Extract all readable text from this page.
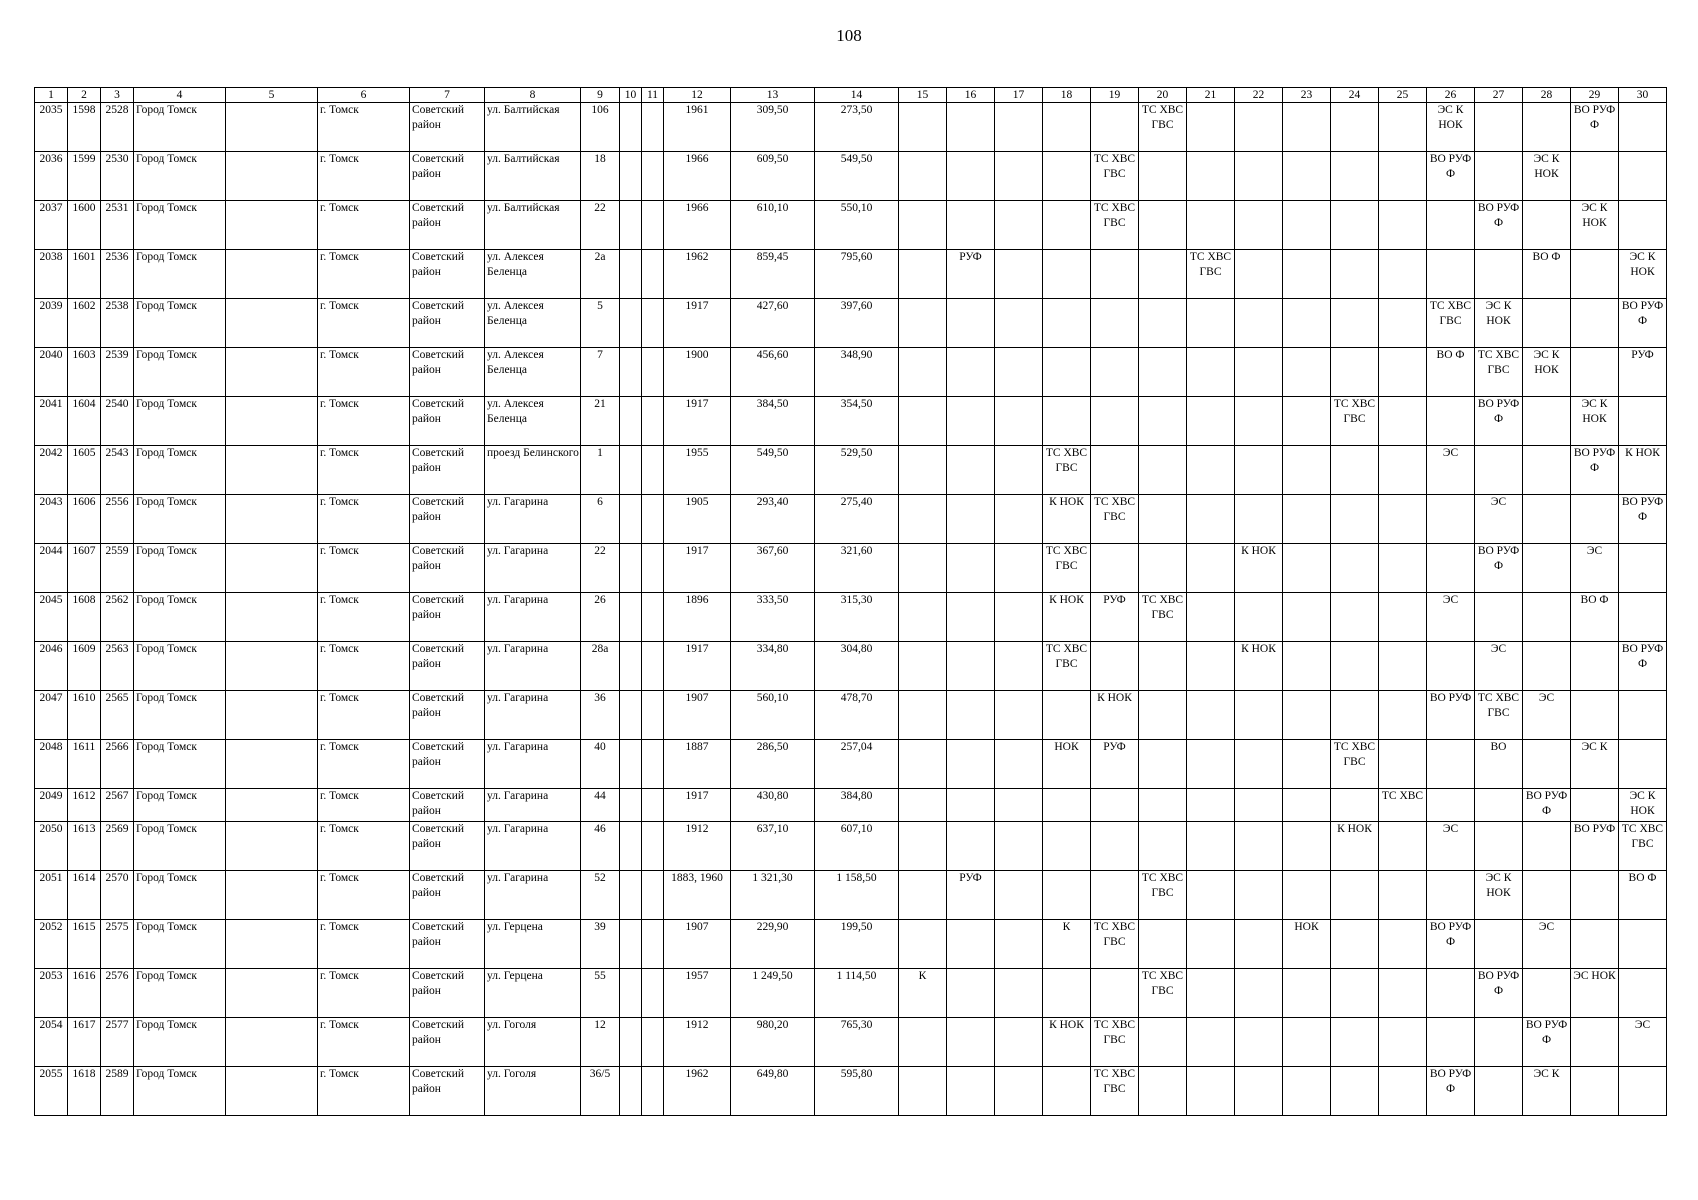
108
1	2	3	4	5	6	7	8	9	10	11	12	13	14	15	16	17	18	19	20	21	22	23	24	25	26	27	28	29	30

2035	1598	2528	Город Томск		г. Томск	Советский район	ул. Балтийская	106			1961	309,50	273,50						ТС ХВС ГВС						ЭС К НОК			ВО РУФ Ф	

2036	1599	2530	Город Томск		г. Томск	Советский район	ул. Балтийская	18			1966	609,50	549,50					ТС ХВС ГВС							ВО РУФ Ф		ЭС К НОК		

2037	1600	2531	Город Томск		г. Томск	Советский район	ул. Балтийская	22			1966	610,10	550,10					ТС ХВС ГВС								ВО РУФ Ф		ЭС К НОК	

2038	1601	2536	Город Томск		г. Томск	Советский район	ул. Алексея Беленца	2а			1962	859,45	795,60		РУФ					ТС ХВС ГВС							ВО Ф		ЭС К НОК

2039	1602	2538	Город Томск		г. Томск	Советский район	ул. Алексея Беленца	5			1917	427,60	397,60												ТС ХВС ГВС	ЭС К НОК			ВО РУФ Ф

2040	1603	2539	Город Томск		г. Томск	Советский район	ул. Алексея Беленца	7			1900	456,60	348,90												ВО Ф	ТС ХВС ГВС	ЭС К НОК		РУФ

2041	1604	2540	Город Томск		г. Томск	Советский район	ул. Алексея Беленца	21			1917	384,50	354,50										ТС ХВС ГВС			ВО РУФ Ф		ЭС К НОК	

2042	1605	2543	Город Томск		г. Томск	Советский район	проезд Белинского	1			1955	549,50	529,50				ТС ХВС ГВС								ЭС			ВО РУФ Ф	К НОК

2043	1606	2556	Город Томск		г. Томск	Советский район	ул. Гагарина	6			1905	293,40	275,40				К НОК	ТС ХВС ГВС								ЭС			ВО РУФ Ф

2044	1607	2559	Город Томск		г. Томск	Советский район	ул. Гагарина	22			1917	367,60	321,60				ТС ХВС ГВС				К НОК					ВО РУФ Ф		ЭС	

2045	1608	2562	Город Томск		г. Томск	Советский район	ул. Гагарина	26			1896	333,50	315,30				К НОК	РУФ	ТС ХВС ГВС						ЭС			ВО Ф	

2046	1609	2563	Город Томск		г. Томск	Советский район	ул. Гагарина	28а			1917	334,80	304,80				ТС ХВС ГВС				К НОК					ЭС			ВО РУФ Ф

2047	1610	2565	Город Томск		г. Томск	Советский район	ул. Гагарина	36			1907	560,10	478,70					К НОК							ВО РУФ	ТС ХВС ГВС	ЭС		

2048	1611	2566	Город Томск		г. Томск	Советский район	ул. Гагарина	40			1887	286,50	257,04				НОК	РУФ					ТС ХВС ГВС			ВО		ЭС К	

2049	1612	2567	Город Томск		г. Томск	Советский район	ул. Гагарина	44			1917	430,80	384,80											ТС ХВС			ВО РУФ Ф		ЭС К НОК

2050	1613	2569	Город Томск		г. Томск	Советский район	ул. Гагарина	46			1912	637,10	607,10										К НОК		ЭС			ВО РУФ	ТС ХВС ГВС

2051	1614	2570	Город Томск		г. Томск	Советский район	ул. Гагарина	52			1883, 1960	1 321,30	1 158,50		РУФ				ТС ХВС ГВС							ЭС К НОК			ВО Ф

2052	1615	2575	Город Томск		г. Томск	Советский район	ул. Герцена	39			1907	229,90	199,50				К	ТС ХВС ГВС				НОК			ВО РУФ Ф		ЭС		

2053	1616	2576	Город Томск		г. Томск	Советский район	ул. Герцена	55			1957	1 249,50	1 114,50	К					ТС ХВС ГВС							ВО РУФ Ф		ЭС НОК	

2054	1617	2577	Город Томск		г. Томск	Советский район	ул. Гоголя	12			1912	980,20	765,30				К НОК	ТС ХВС ГВС									ВО РУФ Ф		ЭС

2055	1618	2589	Город Томск		г. Томск	Советский район	ул. Гоголя	36/5			1962	649,80	595,80					ТС ХВС ГВС							ВО РУФ Ф		ЭС К		
